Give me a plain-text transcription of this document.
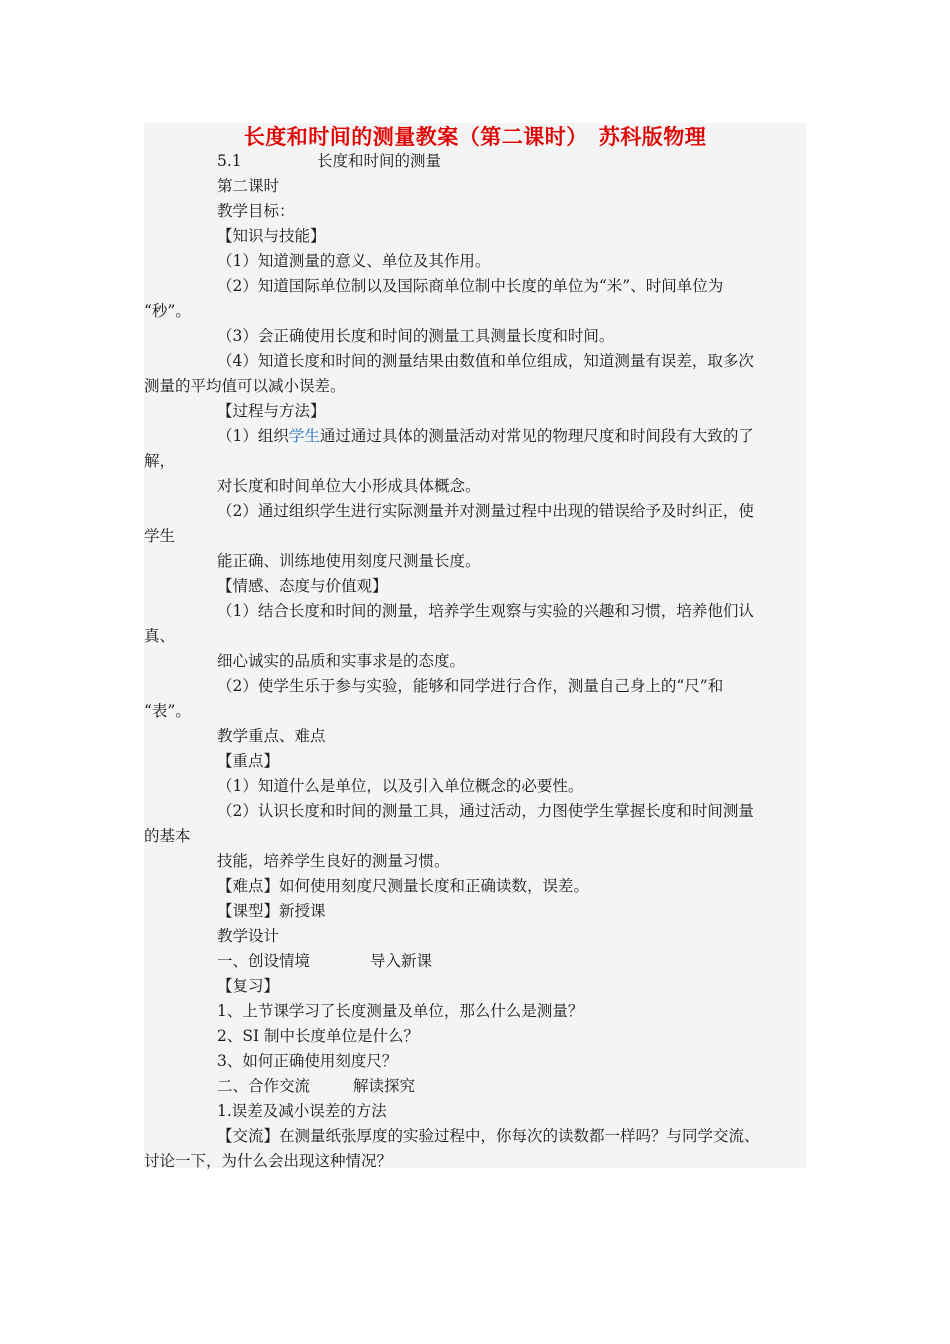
长度和时间的测量教案（第二课时）　苏科版物理
5.1	长度和时间的测量
第二课时
教学目标：
【知识与技能】
（1）知道测量的意义、单位及其作用。
（2）知道国际单位制以及国际商单位制中长度的单位为“米”、时间单位为
“秒”。
（3）会正确使用长度和时间的测量工具测量长度和时间。
（4）知道长度和时间的测量结果由数值和单位组成，知道测量有误差，取多次
测量的平均值可以减小误差。
【过程与方法】
（1）组织学生通过通过具体的测量活动对常见的物理尺度和时间段有大致的了
解，
对长度和时间单位大小形成具体概念。
（2）通过组织学生进行实际测量并对测量过程中出现的错误给予及时纠正，使
学生
能正确、训练地使用刻度尺测量长度。
【情感、态度与价值观】
（1）结合长度和时间的测量，培养学生观察与实验的兴趣和习惯，培养他们认
真、
细心诚实的品质和实事求是的态度。
（2）使学生乐于参与实验，能够和同学进行合作，测量自己身上的“尺”和
“表”。
教学重点、难点
【重点】
（1）知道什么是单位，以及引入单位概念的必要性。
（2）认识长度和时间的测量工具，通过活动，力图使学生掌握长度和时间测量
的基本
技能，培养学生良好的测量习惯。
【难点】如何使用刻度尺测量长度和正确读数，误差。
【课型】新授课
教学设计
一、创设情境	导入新课
【复习】
1、上节课学习了长度测量及单位，那么什么是测量？
2、SI 制中长度单位是什么？
3、如何正确使用刻度尺？
二、合作交流	解读探究
1.误差及减小误差的方法
【交流】在测量纸张厚度的实验过程中，你每次的读数都一样吗？与同学交流、
讨论一下，为什么会出现这种情况？
